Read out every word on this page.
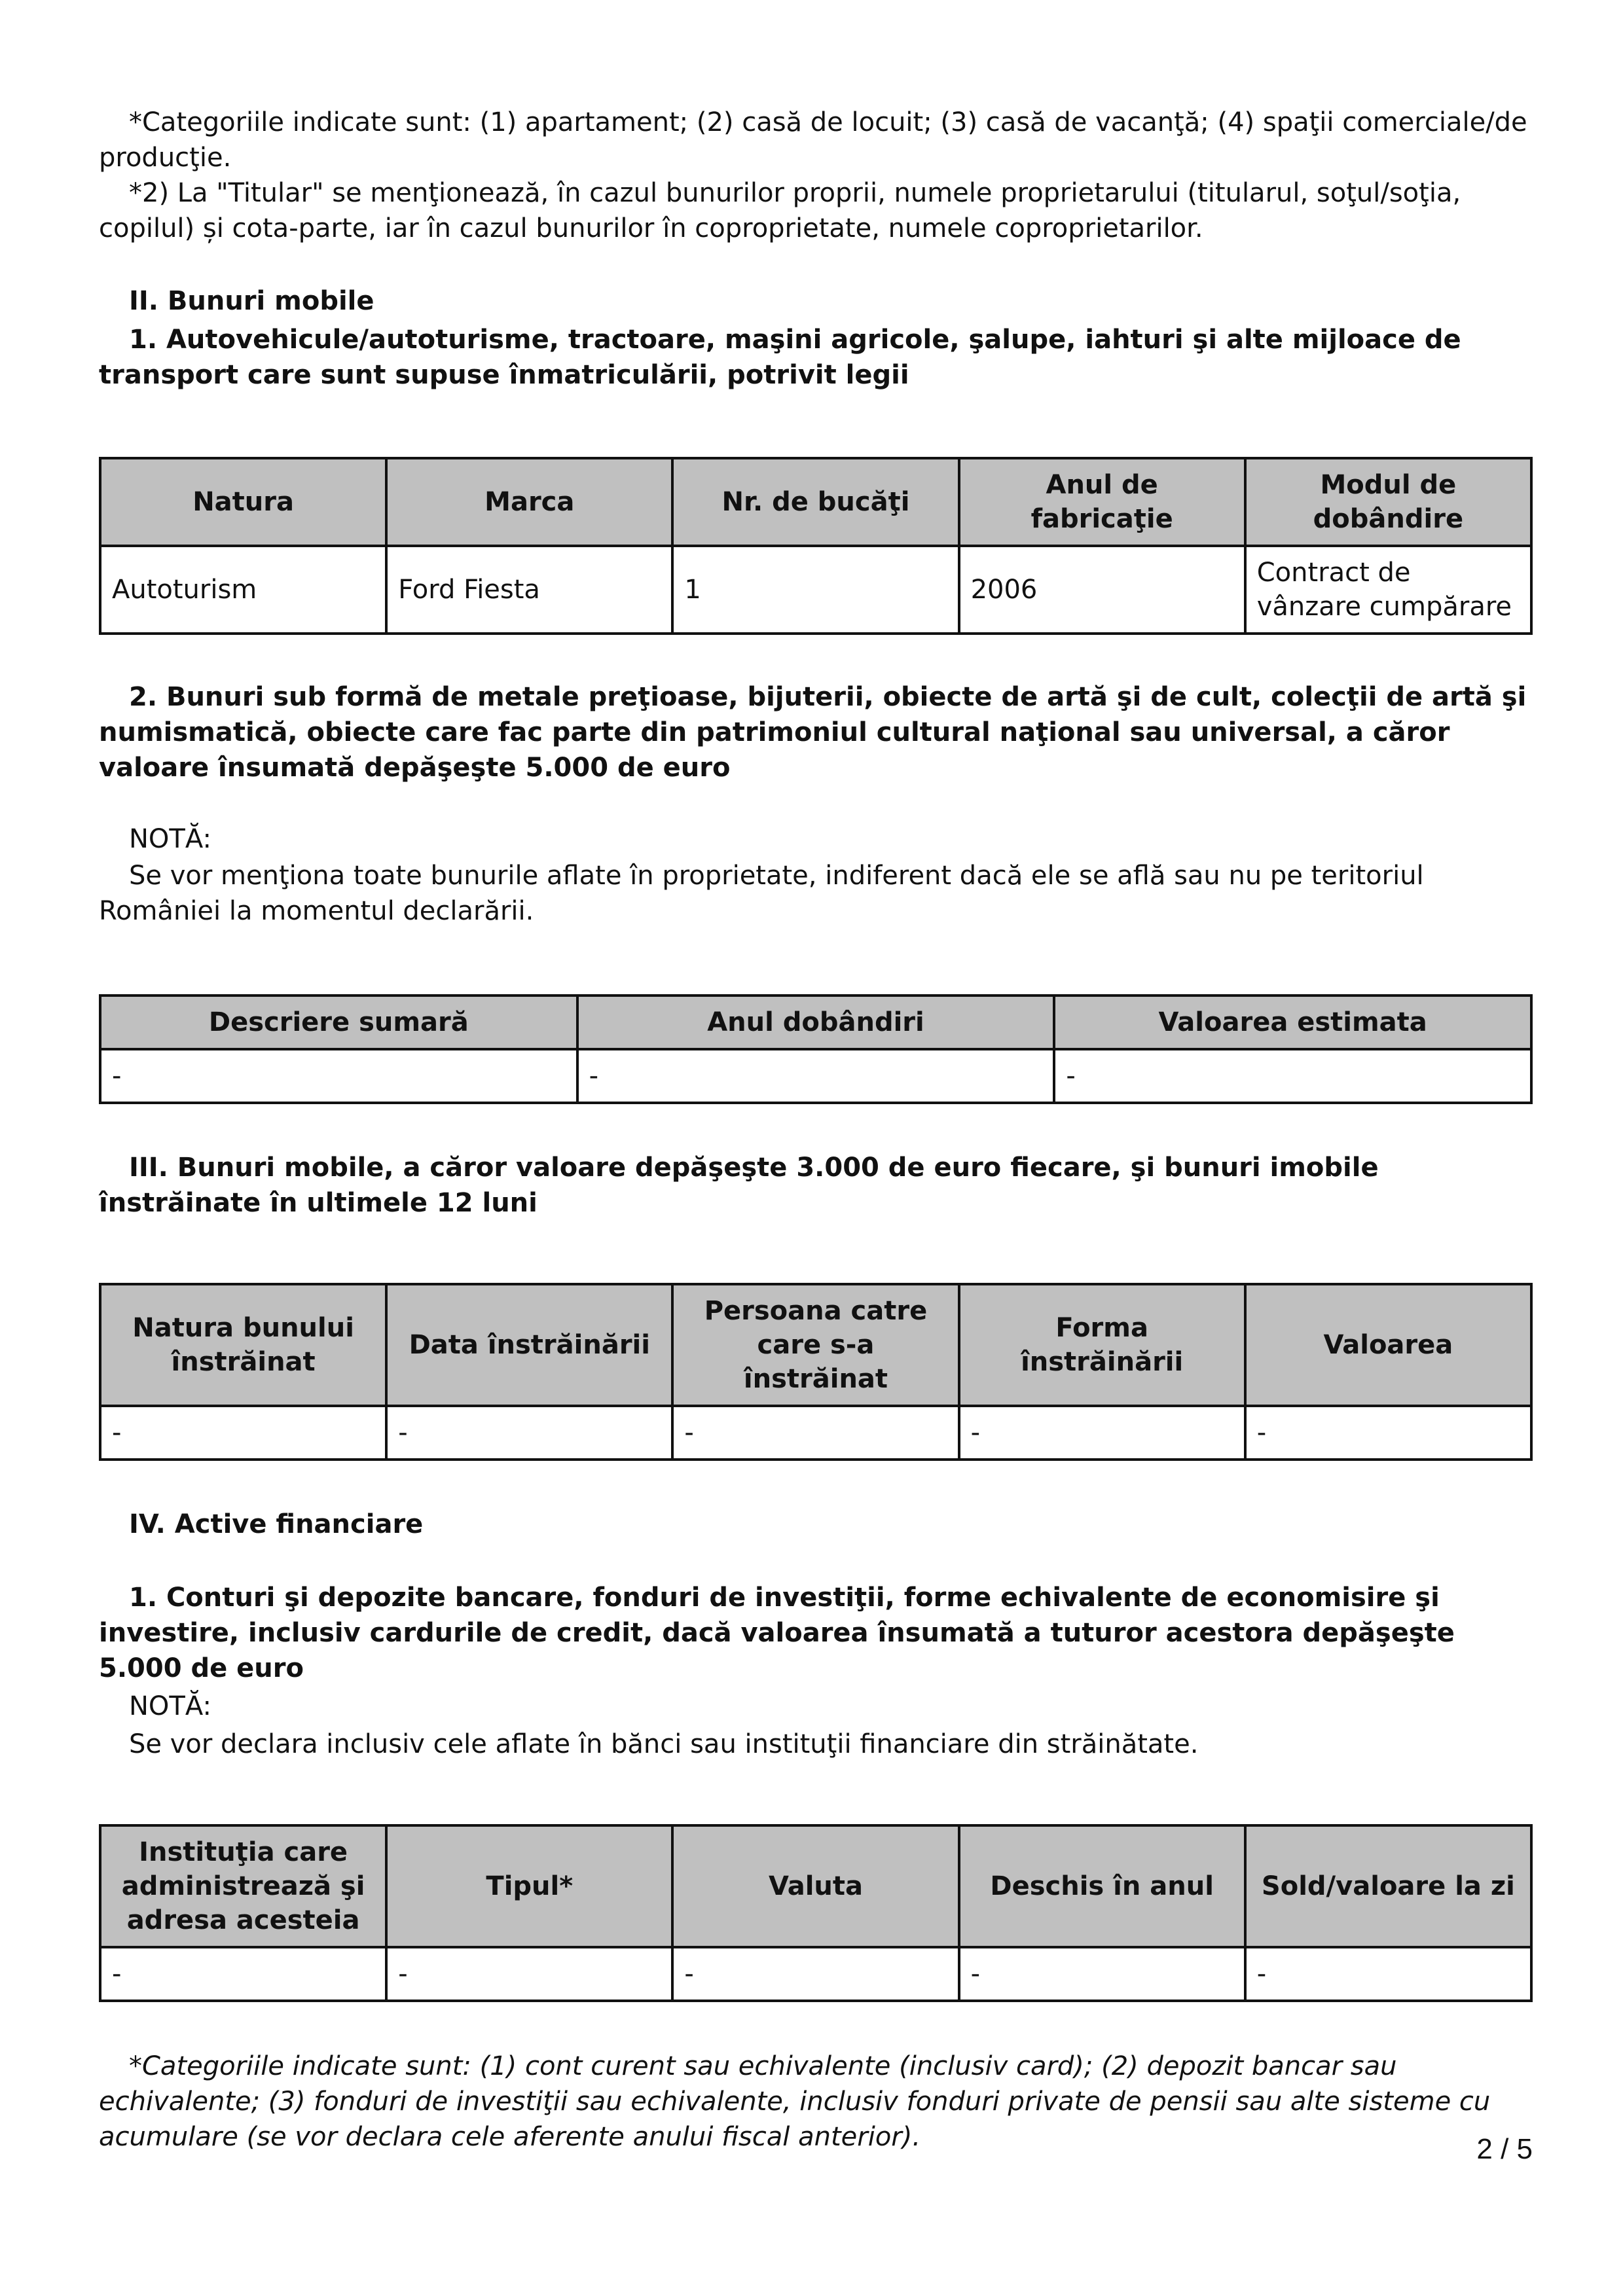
*Categoriile indicate sunt: (1) apartament; (2) casă de locuit; (3) casă de vacanţă; (4) spaţii comerciale/de producţie.
*2) La "Titular" se menţionează, în cazul bunurilor proprii, numele proprietarului (titularul, soţul/soţia, copilul) și cota-parte, iar în cazul bunurilor în coproprietate, numele coproprietarilor.
II. Bunuri mobile
1. Autovehicule/autoturisme, tractoare, maşini agricole, şalupe, iahturi şi alte mijloace de transport care sunt supuse înmatriculării, potrivit legii
Natura	Marca	Nr. de bucăţi	Anul de fabricaţie	Modul de dobândire
Autoturism	Ford Fiesta	1	2006	Contract de vânzare cumpărare
2. Bunuri sub formă de metale preţioase, bijuterii, obiecte de artă şi de cult, colecţii de artă şi numismatică, obiecte care fac parte din patrimoniul cultural naţional sau universal, a căror valoare însumată depăşeşte 5.000 de euro
NOTĂ:
Se vor menţiona toate bunurile aflate în proprietate, indiferent dacă ele se află sau nu pe teritoriul României la momentul declarării.
Descriere sumară	Anul dobândiri	Valoarea estimata
-	-	-
III. Bunuri mobile, a căror valoare depăşeşte 3.000 de euro fiecare, şi bunuri imobile înstrăinate în ultimele 12 luni
Natura bunului înstrăinat	Data înstrăinării	Persoana catre care s-a înstrăinat	Forma înstrăinării	Valoarea
-	-	-	-	-
IV. Active financiare
1. Conturi şi depozite bancare, fonduri de investiţii, forme echivalente de economisire şi investire, inclusiv cardurile de credit, dacă valoarea însumată a tuturor acestora depăşeşte 5.000 de euro
NOTĂ:
Se vor declara inclusiv cele aflate în bănci sau instituţii financiare din străinătate.
Instituţia care administrează şi adresa acesteia	Tipul*	Valuta	Deschis în anul	Sold/valoare la zi
-	-	-	-	-
*Categoriile indicate sunt: (1) cont curent sau echivalente (inclusiv card); (2) depozit bancar sau echivalente; (3) fonduri de investiţii sau echivalente, inclusiv fonduri private de pensii sau alte sisteme cu acumulare (se vor declara cele aferente anului fiscal anterior).	2 / 5
